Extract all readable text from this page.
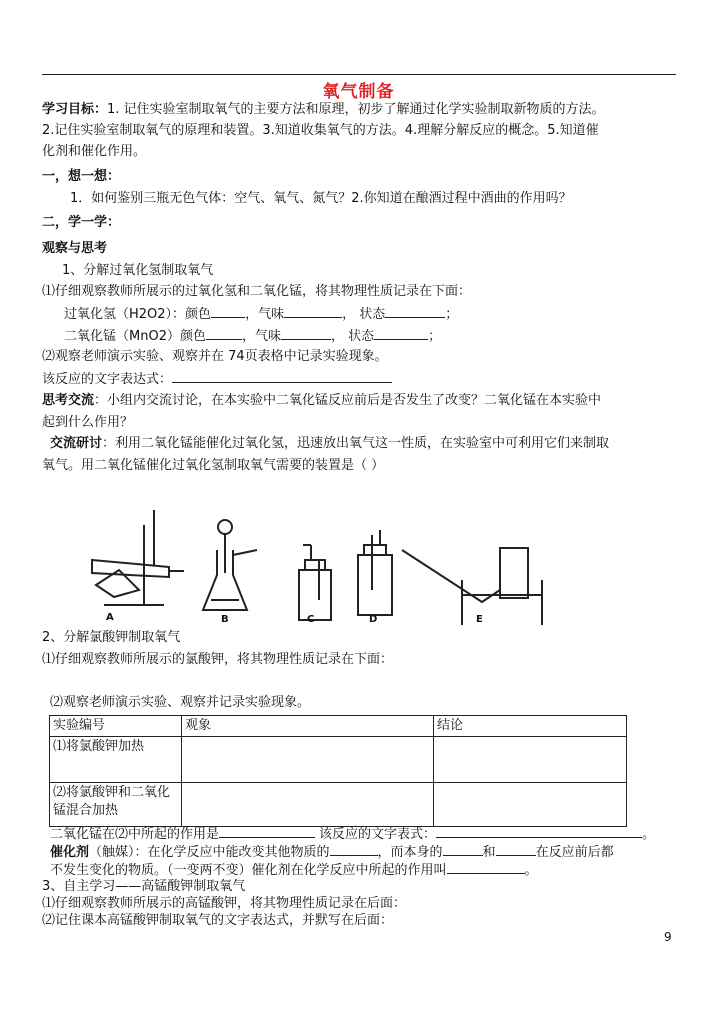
氧气制备
学习目标：1. 记住实验室制取氧气的主要方法和原理，初步了解通过化学实验制取新物质的方法。
2.记住实验室制取氧气的原理和装置。3.知道收集氧气的方法。4.理解分解反应的概念。5.知道催
化剂和催化作用。
一，想一想：
1．如何鉴别三瓶无色气体：空气、氧气、氮气？2.你知道在酿酒过程中酒曲的作用吗？
二，学一学：
观察与思考
1、分解过氧化氢制取氧气
⑴仔细观察教师所展示的过氧化氢和二氧化锰，将其物理性质记录在下面：
过氧化氢（H2O2）：颜色	，气味	， 状态	；
二氧化锰（MnO2）颜色	，气味	， 状态	；
⑵观察老师演示实验、观察并在 74页表格中记录实验现象。
该反应的文字表达式：
思考交流：小组内交流讨论，在本实验中二氧化锰反应前后是否发生了改变？二氧化锰在本实验中
起到什么作用？
交流研讨：利用二氧化锰能催化过氧化氢，迅速放出氧气这一性质，在实验室中可利用它们来制取
氧气。用二氧化锰催化过氧化氢制取氧气需要的装置是（ ）
A	B	C	D	E
2、分解氯酸钾制取氧气
⑴仔细观察教师所展示的氯酸钾，将其物理性质记录在下面：
⑵观察老师演示实验、观察并记录实验现象。
实验编号	观象	结论
⑴将氯酸钾加热		
⑵将氯酸钾和二氧化锰混合加热		
二氧化锰在⑵中所起的作用是	该反应的文字表式：	。
催化剂（触媒）：在化学反应中能改变其他物质的	，而本身的	和	在反应前后都
不发生变化的物质。（一变两不变）催化剂在化学反应中所起的作用叫	。
3、自主学习——高锰酸钾制取氧气
⑴仔细观察教师所展示的高锰酸钾，将其物理性质记录在后面：
⑵记住课本高锰酸钾制取氧气的文字表达式，并默写在后面：
9
